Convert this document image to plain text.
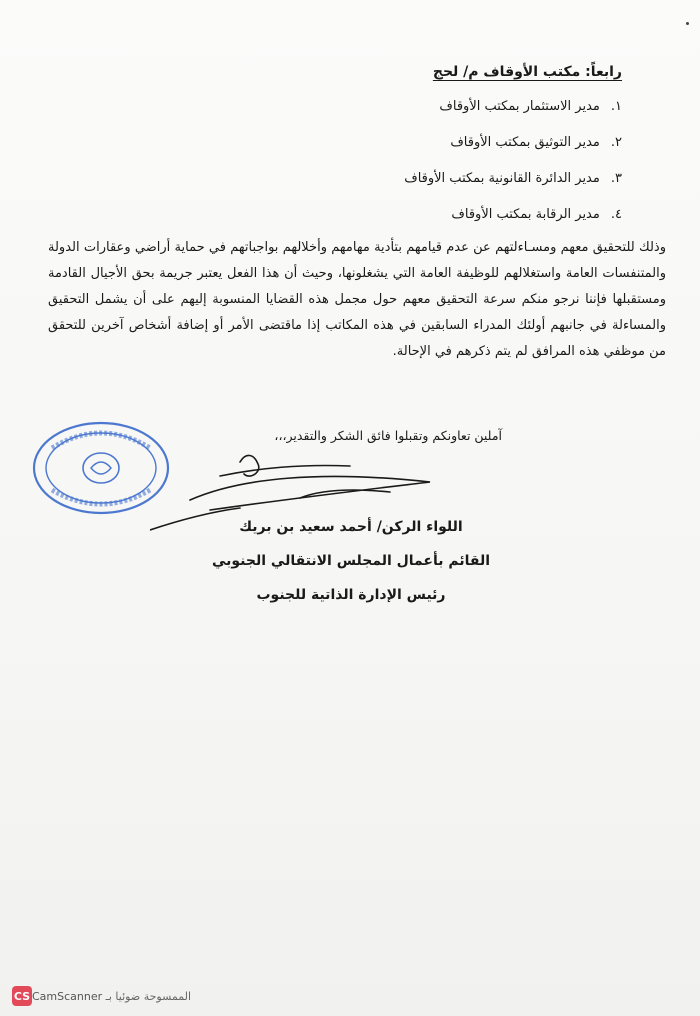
رابعاً: مكتب الأوقاف م/ لحج
١. مدير الاستثمار بمكتب الأوقاف
٢. مدير التوثيق بمكتب الأوقاف
٣. مدير الدائرة القانونية بمكتب الأوقاف
٤. مدير الرقابة بمكتب الأوقاف

وذلك للتحقيق معهم ومسـاءلتهم عن عدم قيامهم بتأدية مهامهم وأخلالهم بواجباتهم في حماية أراضي وعقارات الدولة والمتنفسات العامة واستغلالهم للوظيفة العامة التي يشغلونها، وحيث أن هذا الفعل يعتبر جريمة بحق الأجيال القادمة ومستقبلها فإننا نرجو منكم سرعة التحقيق معهم حول مجمل هذه القضايا المنسوبة إليهم على أن يشمل التحقيق والمساءلة في جانبهم أولئك المدراء السابقين في هذه المكاتب إذا ماقتضى الأمر أو إضافة أشخاص آخرين للتحقق من موظفي هذه المرافق لم يتم ذكرهم في الإحالة.

آملين تعاونكم وتقبلوا فائق الشكر والتقدير،،،
اللواء الركن/ أحمد سعيد بن بريك
القائم بأعمال المجلس الانتقالي الجنوبي
رئيس الإدارة الذاتية للجنوب
الممسوحة ضوئيا بـ CamScanner
CS
